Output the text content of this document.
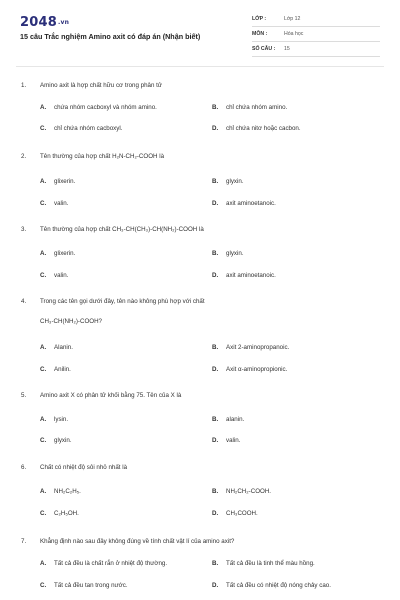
2048.vn
15 câu Trắc nghiệm Amino axit có đáp án (Nhận biết)
LỚP :	Lớp 12
MÔN :	Hóa học
SỐ CÂU : 15
1. Amino axit là hợp chất hữu cơ trong phân tử
A. chứa nhóm cacboxyl và nhóm amino.	B. chỉ chứa nhóm amino.
C. chỉ chứa nhóm cacboxyl.	D. chỉ chứa nitơ hoặc cacbon.
2. Tên thường của hợp chất H₂N-CH₂-COOH là
A. glixerin.	B. glyxin.
C. valin.	D. axit aminoetanoic.
3. Tên thường của hợp chất CH₃-CH(CH₃)-CH(NH₂)-COOH là
A. glixerin.	B. glyxin.
C. valin.	D. axit aminoetanoic.
4. Trong các tên gọi dưới đây, tên nào không phù hợp với chất
CH₃-CH(NH₂)-COOH?
A. Alanin.	B. Axit 2-aminopropanoic.
C. Anilin.	D. Axit α-aminopropionic.
5. Amino axit X có phân tử khối bằng 75. Tên của X là
A. lysin.	B. alanin.
C. glyxin.	D. valin.
6. Chất có nhiệt độ sôi nhỏ nhất là
A. NH₂C₂H₅.	B. NH₂CH₂-COOH.
C. C₂H₅OH.	D. CH₃COOH.
7. Khẳng định nào sau đây không đúng về tính chất vật lí của amino axit?
A. Tất cả đều là chất rắn ở nhiệt độ thường.	B. Tất cả đều là tinh thể màu hồng.
C. Tất cả đều tan trong nước.	D. Tất cả đều có nhiệt độ nóng chảy cao.
